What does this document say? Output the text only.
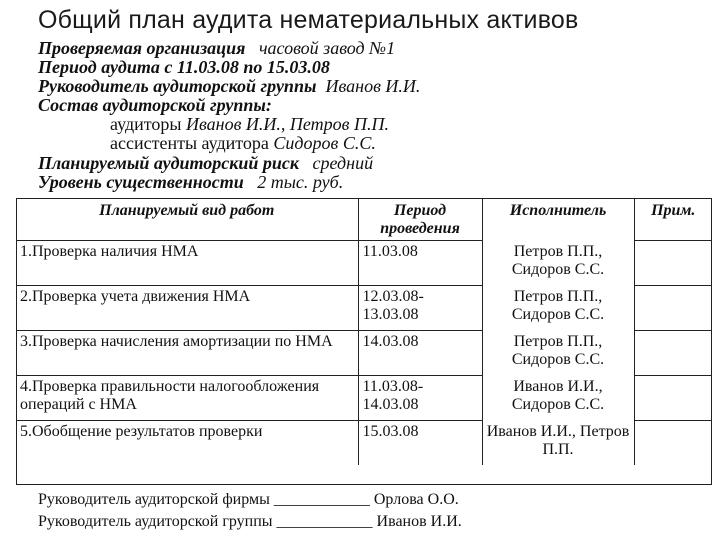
Общий план аудита нематериальных активов
Проверяемая организация часовой завод №1
Период аудита с 11.03.08 по 15.03.08
Руководитель аудиторской группы Иванов И.И.
Состав аудиторской группы:
аудиторы Иванов И.И., Петров П.П.
ассистенты аудитора Сидоров С.С.
Планируемый аудиторский риск средний
Уровень существенности 2 тыс. руб.
Планируемый вид работ	Период проведения	Исполнитель	Прим.
1.Проверка наличия НМА	11.03.08	Петров П.П., Сидоров С.С.	
2.Проверка учета движения НМА	12.03.08-13.03.08	Петров П.П., Сидоров С.С.	
3.Проверка начисления амортизации по НМА	14.03.08	Петров П.П., Сидоров С.С.	
4.Проверка правильности налогообложения операций с НМА	11.03.08-14.03.08	Иванов И.И., Сидоров С.С.	
5.Обобщение результатов проверки	15.03.08	Иванов И.И., Петров П.П.	
Руководитель аудиторской фирмы ____________ Орлова О.О.
Руководитель аудиторской группы ____________ Иванов И.И.
